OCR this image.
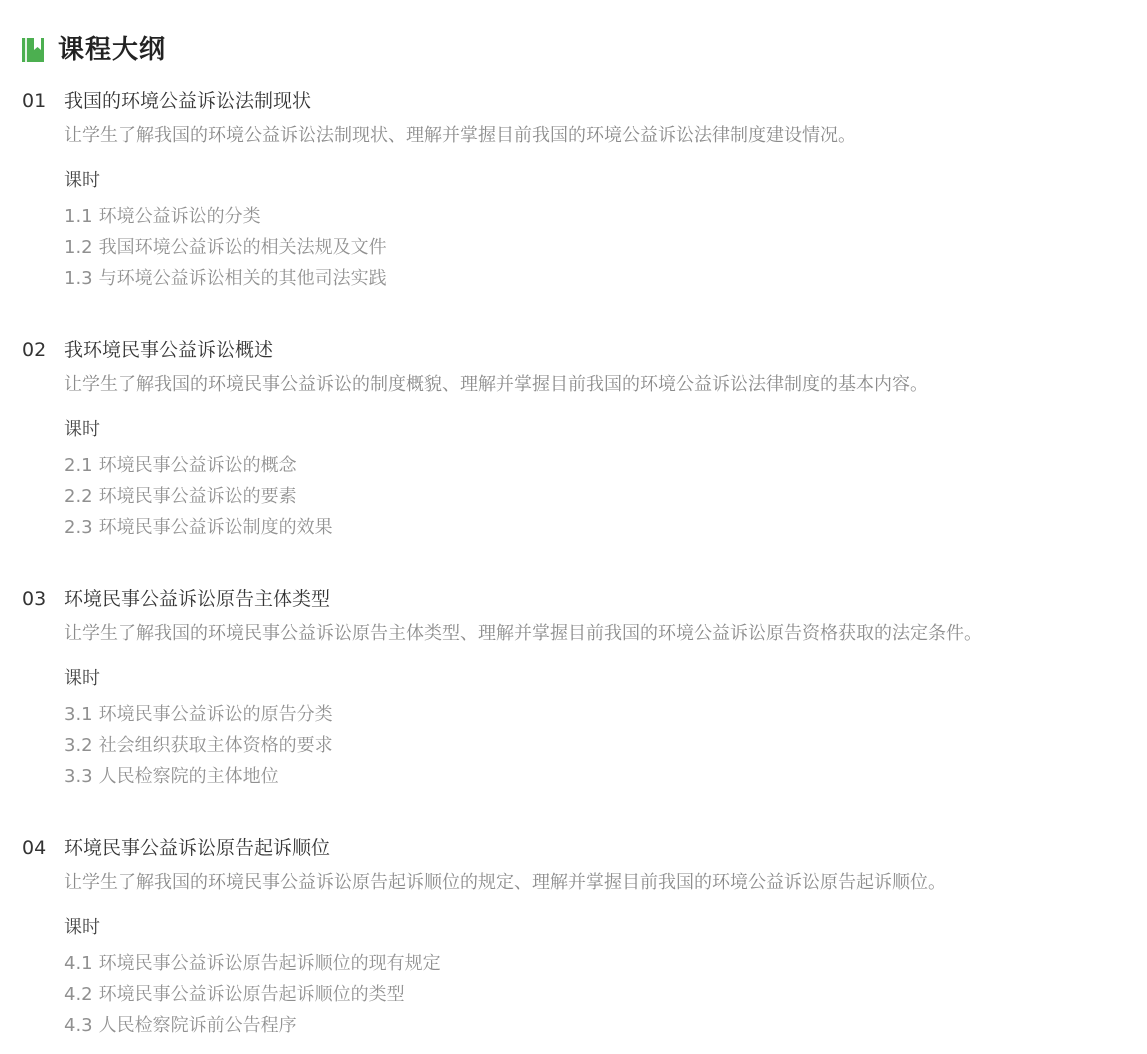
课程大纲
01 我国的环境公益诉讼法制现状
让学生了解我国的环境公益诉讼法制现状、理解并掌握目前我国的环境公益诉讼法律制度建设情况。
课时
1.1 环境公益诉讼的分类
1.2 我国环境公益诉讼的相关法规及文件
1.3 与环境公益诉讼相关的其他司法实践
02 我环境民事公益诉讼概述
让学生了解我国的环境民事公益诉讼的制度概貌、理解并掌握目前我国的环境公益诉讼法律制度的基本内容。
课时
2.1 环境民事公益诉讼的概念
2.2 环境民事公益诉讼的要素
2.3 环境民事公益诉讼制度的效果
03 环境民事公益诉讼原告主体类型
让学生了解我国的环境民事公益诉讼原告主体类型、理解并掌握目前我国的环境公益诉讼原告资格获取的法定条件。
课时
3.1 环境民事公益诉讼的原告分类
3.2 社会组织获取主体资格的要求
3.3 人民检察院的主体地位
04 环境民事公益诉讼原告起诉顺位
让学生了解我国的环境民事公益诉讼原告起诉顺位的规定、理解并掌握目前我国的环境公益诉讼原告起诉顺位。
课时
4.1 环境民事公益诉讼原告起诉顺位的现有规定
4.2 环境民事公益诉讼原告起诉顺位的类型
4.3 人民检察院诉前公告程序
